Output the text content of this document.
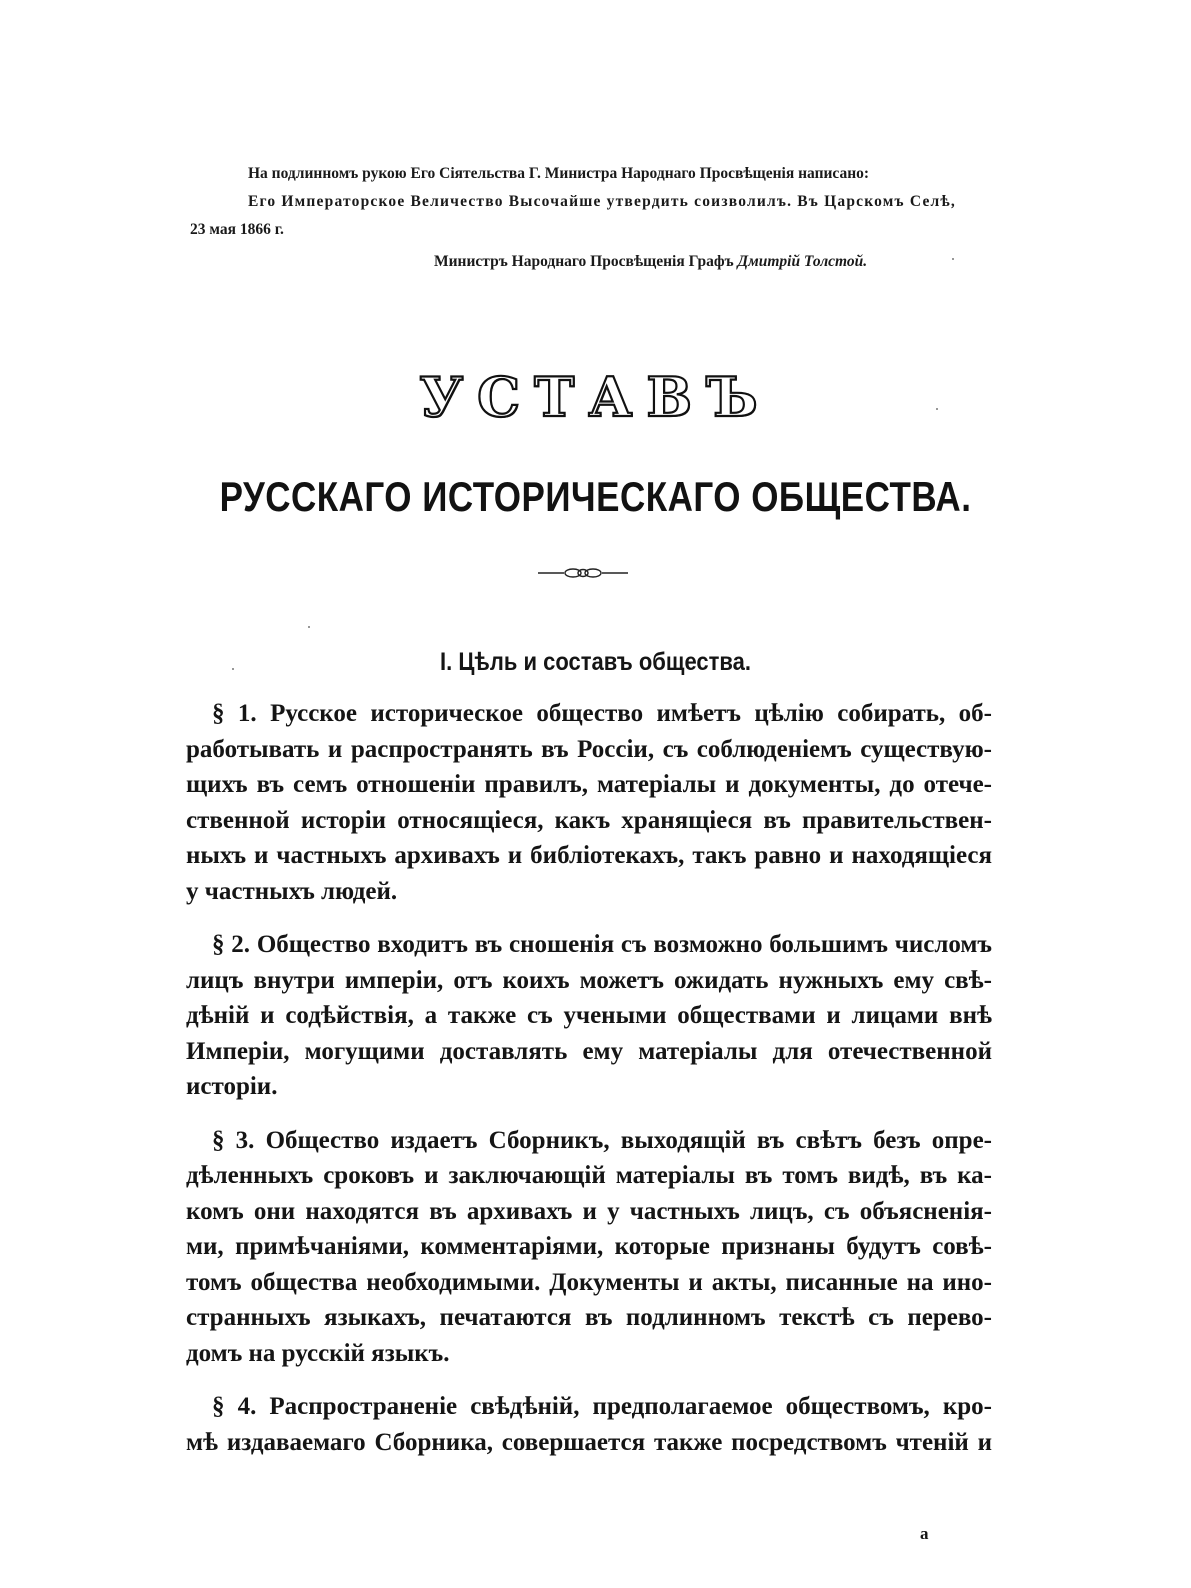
На подлинномъ рукою Его Сіятельства Г. Министра Народнаго Просвѣщенія написано:
Его Императорское Величество Высочайше утвердить соизволилъ. Въ Царскомъ Селѣ,
23 мая 1866 г.
Министръ Народнаго Просвѣщенія Графъ Дмитрій Толстой.
УСТАВЪ
РУССКАГО ИСТОРИЧЕСКАГО ОБЩЕСТВА.
I. Цѣль и составъ общества.

§ 1. Русское историческое общество имѣетъ цѣлію собирать, об-
работывать и распространять въ Россіи, съ соблюденіемъ существую-
щихъ въ семъ отношеніи правилъ, матеріалы и документы, до отече-
ственной исторіи относящіеся, какъ хранящіеся въ правительствен-
ныхъ и частныхъ архивахъ и библіотекахъ, такъ равно и находящіеся
у частныхъ людей.

§ 2. Общество входитъ въ сношенія съ возможно большимъ числомъ
лицъ внутри имперіи, отъ коихъ можетъ ожидать нужныхъ ему свѣ-
дѣній и содѣйствія, а также съ учеными обществами и лицами внѣ
Имперіи, могущими доставлять ему матеріалы для отечественной
исторіи.

§ 3. Общество издаетъ Сборникъ, выходящій въ свѣтъ безъ опре-
дѣленныхъ сроковъ и заключающій матеріалы въ томъ видѣ, въ ка-
комъ они находятся въ архивахъ и у частныхъ лицъ, съ объясненія-
ми, примѣчаніями, комментаріями, которые признаны будутъ совѣ-
томъ общества необходимыми. Документы и акты, писанные на ино-
странныхъ языкахъ, печатаются въ подлинномъ текстѣ съ перево-
домъ на русскій языкъ.

§ 4. Распространеніе свѣдѣній, предполагаемое обществомъ, кро-
мѣ издаваемаго Сборника, совершается также посредствомъ чтеній и

a
